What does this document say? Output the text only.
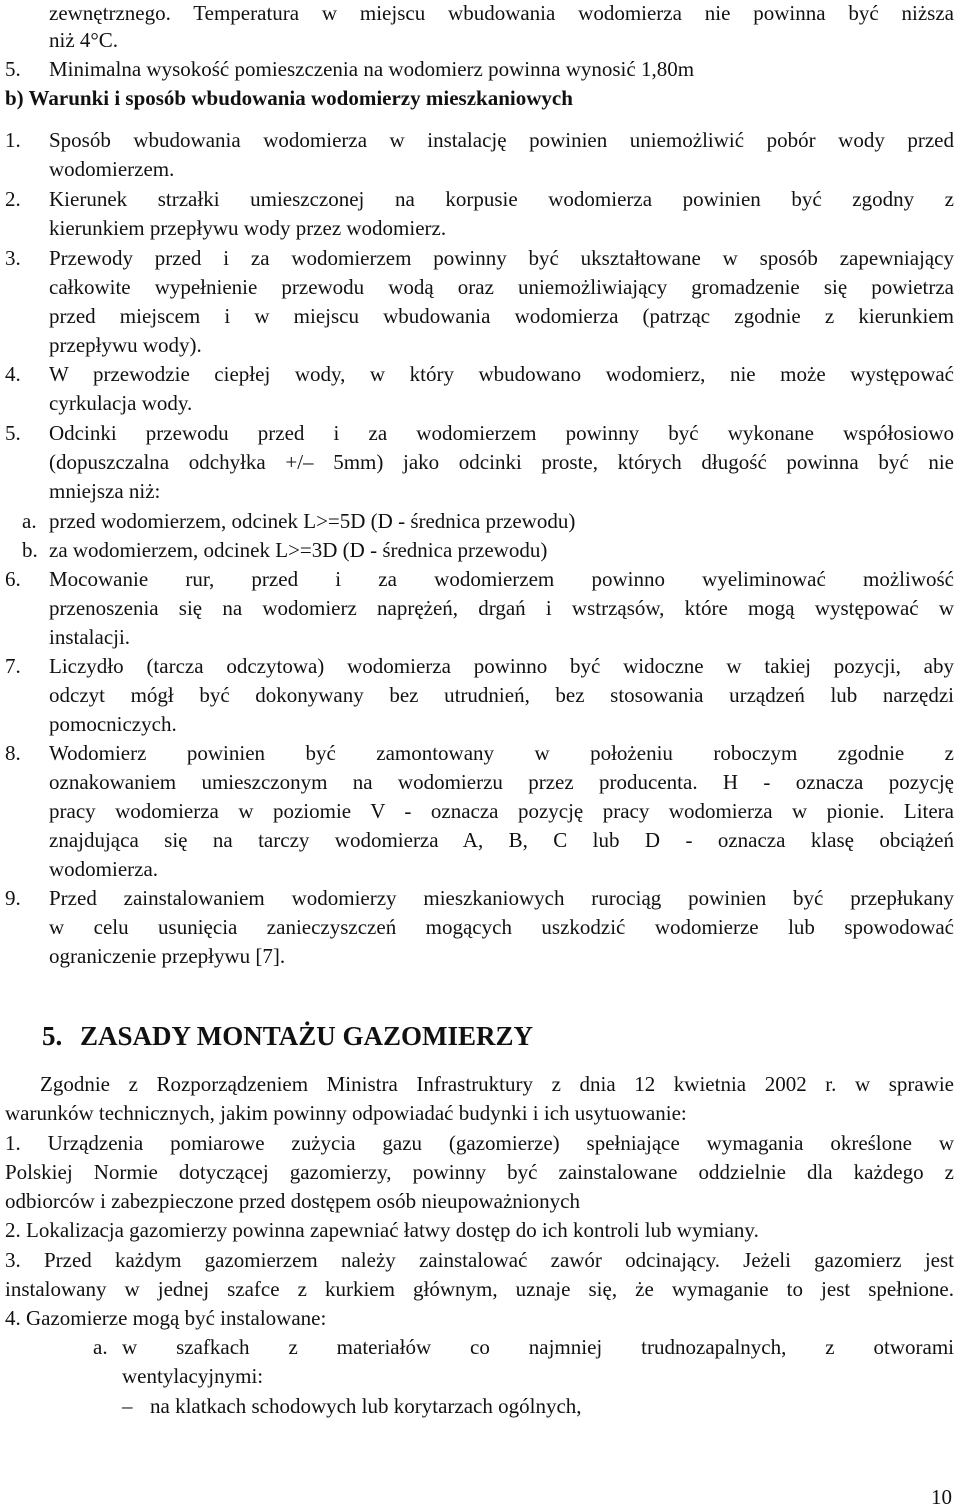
zewnętrznego. Temperatura w miejscu wbudowania wodomierza nie powinna być niższa
niż 4°C.
5. Minimalna wysokość pomieszczenia na wodomierz powinna wynosić 1,80m
b) Warunki i sposób wbudowania wodomierzy mieszkaniowych
1. Sposób wbudowania wodomierza w instalację powinien uniemożliwić pobór wody przed
wodomierzem.
2. Kierunek strzałki umieszczonej na korpusie wodomierza powinien być zgodny z
kierunkiem przepływu wody przez wodomierz.
3. Przewody przed i za wodomierzem powinny być ukształtowane w sposób zapewniający
całkowite wypełnienie przewodu wodą oraz uniemożliwiający gromadzenie się powietrza
przed miejscem i w miejscu wbudowania wodomierza (patrząc zgodnie z kierunkiem
przepływu wody).
4. W przewodzie ciepłej wody, w który wbudowano wodomierz, nie może występować
cyrkulacja wody.
5. Odcinki przewodu przed i za wodomierzem powinny być wykonane współosiowo
(dopuszczalna odchyłka +/– 5mm) jako odcinki proste, których długość powinna być nie
mniejsza niż:
a. przed wodomierzem, odcinek L>=5D (D - średnica przewodu)
b. za wodomierzem, odcinek L>=3D (D - średnica przewodu)
6. Mocowanie rur, przed i za wodomierzem powinno wyeliminować możliwość
przenoszenia się na wodomierz naprężeń, drgań i wstrząsów, które mogą występować w
instalacji.
7. Liczydło (tarcza odczytowa) wodomierza powinno być widoczne w takiej pozycji, aby
odczyt mógł być dokonywany bez utrudnień, bez stosowania urządzeń lub narzędzi
pomocniczych.
8. Wodomierz powinien być zamontowany w położeniu roboczym zgodnie z
oznakowaniem umieszczonym na wodomierzu przez producenta. H - oznacza pozycję
pracy wodomierza w poziomie V - oznacza pozycję pracy wodomierza w pionie. Litera
znajdująca się na tarczy wodomierza A, B, C lub D - oznacza klasę obciążeń
wodomierza.
9. Przed zainstalowaniem wodomierzy mieszkaniowych rurociąg powinien być przepłukany
w celu usunięcia zanieczyszczeń mogących uszkodzić wodomierze lub spowodować
ograniczenie przepływu [7].
5. ZASADY MONTAŻU GAZOMIERZY
Zgodnie z Rozporządzeniem Ministra Infrastruktury z dnia 12 kwietnia 2002 r. w sprawie
warunków technicznych, jakim powinny odpowiadać budynki i ich usytuowanie:
1. Urządzenia pomiarowe zużycia gazu (gazomierze) spełniające wymagania określone w
Polskiej Normie dotyczącej gazomierzy, powinny być zainstalowane oddzielnie dla każdego z
odbiorców i zabezpieczone przed dostępem osób nieupoważnionych
2. Lokalizacja gazomierzy powinna zapewniać łatwy dostęp do ich kontroli lub wymiany.
3. Przed każdym gazomierzem należy zainstalować zawór odcinający. Jeżeli gazomierz jest
instalowany w jednej szafce z kurkiem głównym, uznaje się, że wymaganie to jest spełnione.
4. Gazomierze mogą być instalowane:
a. w szafkach z materiałów co najmniej trudnozapalnych, z otworami
wentylacyjnymi:
– na klatkach schodowych lub korytarzach ogólnych,
10
